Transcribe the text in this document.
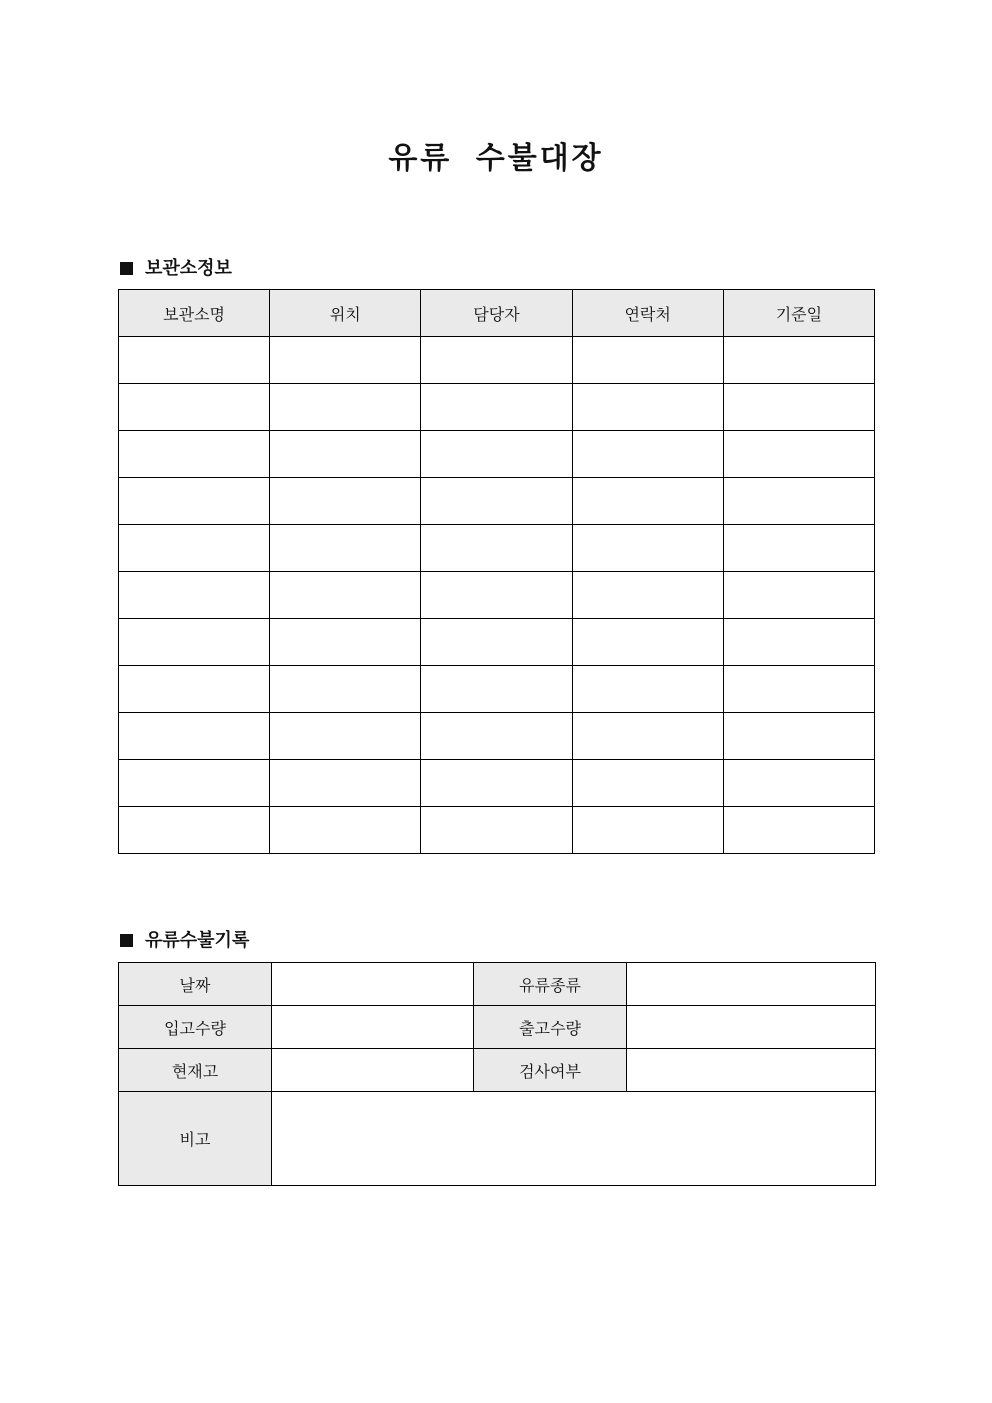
유류 수불대장
보관소정보
보관소명	위치	담당자	연락처	기준일

유류수불기록
날짜		유류종류	
입고수량		출고수량	
현재고		검사여부	
비고			
